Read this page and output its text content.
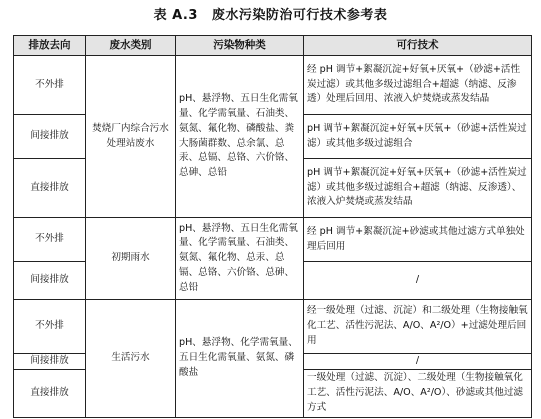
表 A.3 废水污染防治可行技术参考表
排放去向	废水类别	污染物种类	可行技术
不外排	焚烧厂内综合污水处理站废水	pH、悬浮物、五日生化需氧量、化学需氧量、石油类、氨氮、氟化物、磷酸盐、粪大肠菌群数、总余氯、总汞、总镉、总铬、六价铬、总砷、总铅	经 pH 调节+絮凝沉淀+好氧+厌氧+（砂滤+活性炭过滤）或其他多级过滤组合+超滤（纳滤、反渗透）处理后回用、浓液入炉焚烧或蒸发结晶
间接排放			pH 调节+絮凝沉淀+好氧+厌氧+（砂滤+活性炭过滤）或其他多级过滤组合
直接排放			pH 调节+絮凝沉淀+好氧+厌氧+（砂滤+活性炭过滤）或其他多级过滤组合+超滤（纳滤、反渗透）、浓液入炉焚烧或蒸发结晶
不外排	初期雨水	pH、悬浮物、五日生化需氧量、化学需氧量、石油类、氨氮、氟化物、总汞、总镉、总铬、六价铬、总砷、总铅	经 pH 调节+絮凝沉淀+砂滤或其他过滤方式单独处理后回用
间接排放			/
不外排	生活污水	pH、悬浮物、化学需氧量、五日生化需氧量、氨氮、磷酸盐	经一级处理（过滤、沉淀）和二级处理（生物接触氧化工艺、活性污泥法、A/O、A²/O）+过滤处理后回用
间接排放			/
直接排放			一级处理（过滤、沉淀）、二级处理（生物接触氧化工艺、活性污泥法、A/O、A²/O）、砂滤或其他过滤方式
